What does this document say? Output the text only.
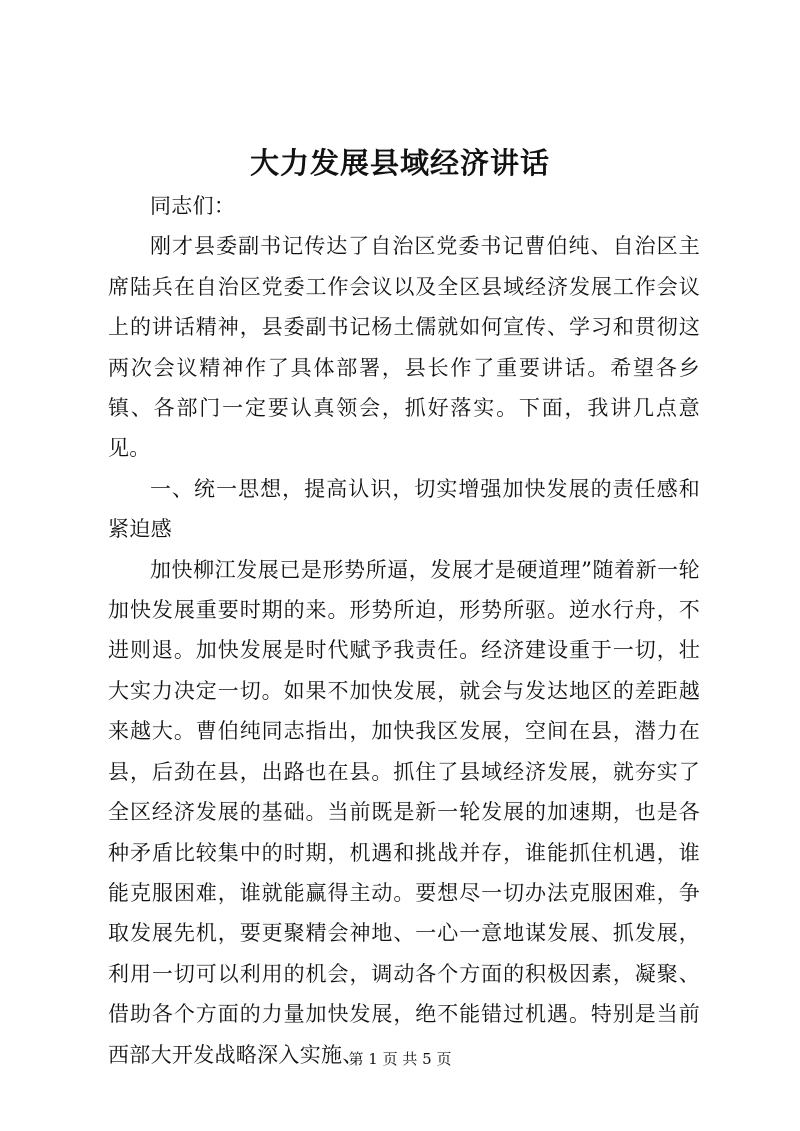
大力发展县域经济讲话

同志们：

刚才县委副书记传达了自治区党委书记曹伯纯、自治区主席陆兵在自治区党委工作会议以及全区县域经济发展工作会议上的讲话精神，县委副书记杨土儒就如何宣传、学习和贯彻这两次会议精神作了具体部署，县长作了重要讲话。希望各乡镇、各部门一定要认真领会，抓好落实。下面，我讲几点意见。

一、统一思想，提高认识，切实增强加快发展的责任感和紧迫感

加快柳江发展已是形势所逼，发展才是硬道理”随着新一轮加快发展重要时期的来。形势所迫，形势所驱。逆水行舟，不进则退。加快发展是时代赋予我责任。经济建设重于一切，壮大实力决定一切。如果不加快发展，就会与发达地区的差距越来越大。曹伯纯同志指出，加快我区发展，空间在县，潜力在县，后劲在县，出路也在县。抓住了县域经济发展，就夯实了全区经济发展的基础。当前既是新一轮发展的加速期，也是各种矛盾比较集中的时期，机遇和挑战并存，谁能抓住机遇，谁能克服困难，谁就能赢得主动。要想尽一切办法克服困难，争取发展先机，要更聚精会神地、一心一意地谋发展、抓发展，利用一切可以利用的机会，调动各个方面的积极因素，凝聚、借助各个方面的力量加快发展，绝不能错过机遇。特别是当前西部大开发战略深入实施、

第 1 页 共 5 页
